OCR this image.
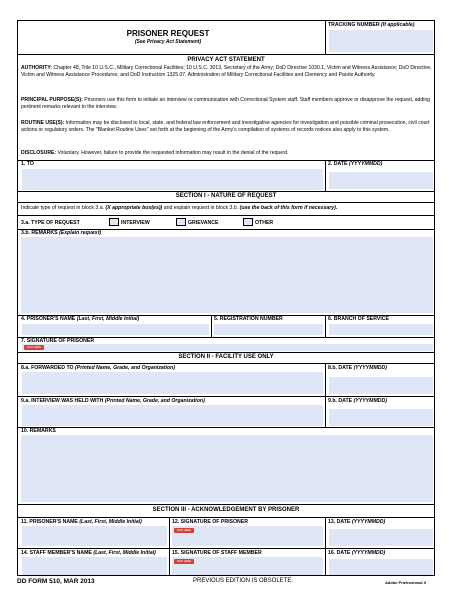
PRISONER REQUEST
(See Privacy Act Statement)
TRACKING NUMBER (If applicable)
PRIVACY ACT STATEMENT
AUTHORITY: Chapter 48, Title 10 U.S.C., Military Correctional Facilities; 10 U.S.C. 3013, Secretary of the Army; DoD Directive 1030.1, Victim and Witness Assistance; DoD Directive, Victim and Witness Assistance Procedures; and DoD Instruction 1325.07, Administration of Military Correctional Facilities and Clemency and Parole Authority.
PRINCIPAL PURPOSE(S): Prisoners use this form to initiate an interview or communication with Correctional System staff. Staff members approve or disapprove the request, adding pertinent remarks relevant to the interview.
ROUTINE USE(S): Information may be disclosed to local, state, and federal law enforcement and investigative agencies for investigation and possible criminal prosecution, civil court actions or regulatory orders. The "Blanket Routine Uses" set forth at the beginning of the Army's compilation of systems of records notices also apply to this system.
DISCLOSURE: Voluntary. However, failure to provide the requested information may result in the denial of the request.
1. TO	2. DATE (YYYYMMDD)
SECTION I - NATURE OF REQUEST
Indicate type of request in block 3.a. (X appropriate box(es)) and explain request in block 3.b. (use the back of this form if necessary).
3.a. TYPE OF REQUEST	INTERVIEW	GRIEVANCE	OTHER
3.b. REMARKS (Explain request)
4. PRISONER'S NAME (Last, First, Middle Initial)	5. REGISTRATION NUMBER	6. BRANCH OF SERVICE
7. SIGNATURE OF PRISONER
SIGN HERE
SECTION II - FACILITY USE ONLY
8.a. FORWARDED TO (Printed Name, Grade, and Organization)	8.b. DATE (YYYYMMDD)
9.a. INTERVIEW WAS HELD WITH (Printed Name, Grade, and Organization)	9.b. DATE (YYYYMMDD)
10. REMARKS
SECTION III - ACKNOWLEDGEMENT BY PRISONER
11. PRISONER'S NAME (Last, First, Middle Initial)	12. SIGNATURE OF PRISONER
SIGN HERE
13. DATE (YYYYMMDD)
14. STAFF MEMBER'S NAME (Last, First, Middle Initial)	15. SIGNATURE OF STAFF MEMBER
SIGN HERE
16. DATE (YYYYMMDD)
DD FORM 510, MAR 2013	PREVIOUS EDITION IS OBSOLETE.	Adobe Professional X
